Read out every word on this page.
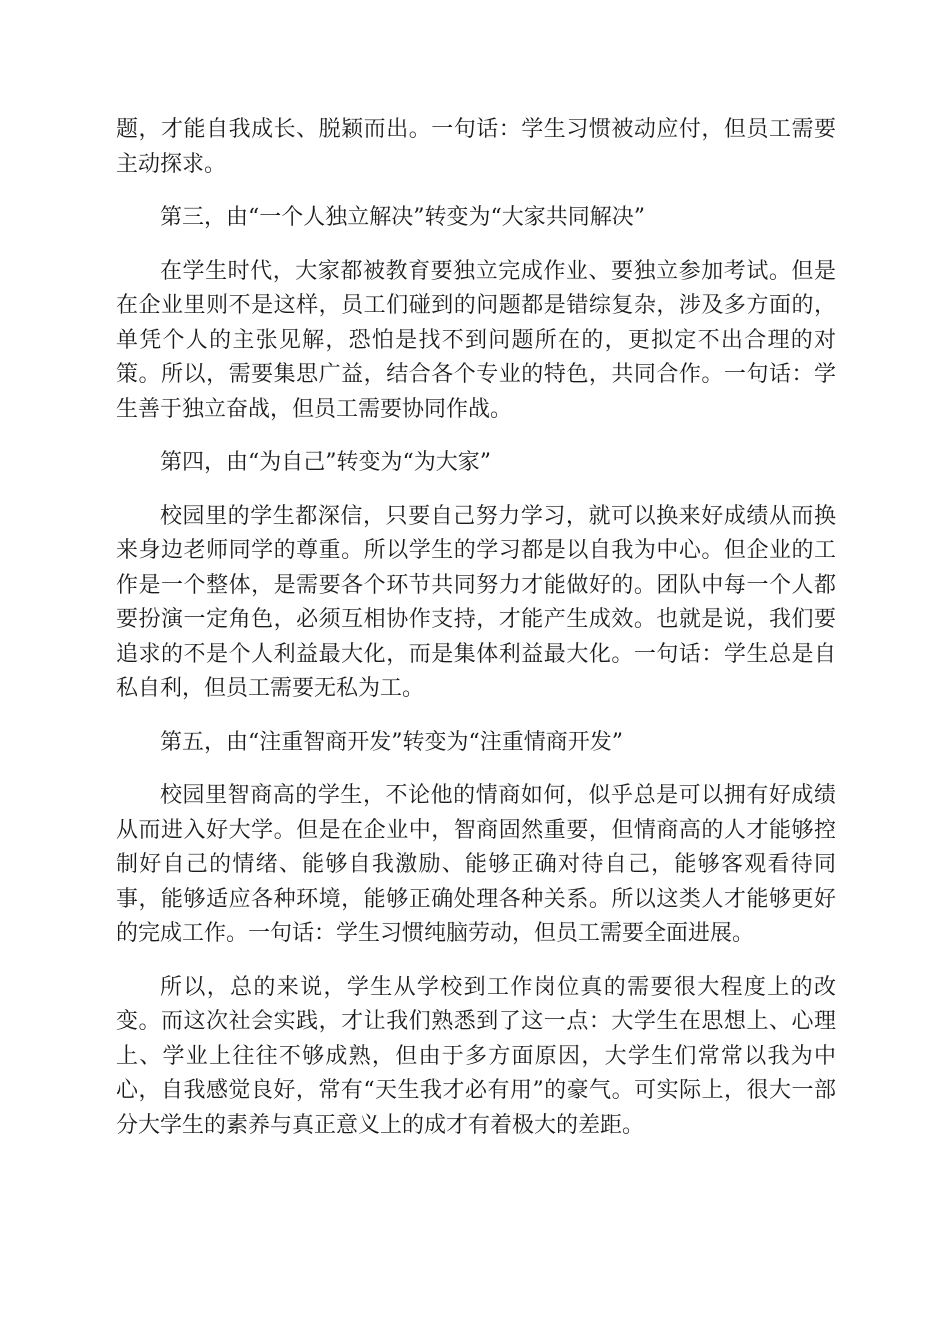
题，才能自我成长、脱颖而出。一句话：学生习惯被动应付，但员工需要主动探求。

第三，由“一个人独立解决”转变为“大家共同解决”

在学生时代，大家都被教育要独立完成作业、要独立参加考试。但是在企业里则不是这样，员工们碰到的问题都是错综复杂，涉及多方面的，单凭个人的主张见解，恐怕是找不到问题所在的，更拟定不出合理的对策。所以，需要集思广益，结合各个专业的特色，共同合作。一句话：学生善于独立奋战，但员工需要协同作战。

第四，由“为自己”转变为“为大家”

校园里的学生都深信，只要自己努力学习，就可以换来好成绩从而换来身边老师同学的尊重。所以学生的学习都是以自我为中心。但企业的工作是一个整体，是需要各个环节共同努力才能做好的。团队中每一个人都要扮演一定角色，必须互相协作支持，才能产生成效。也就是说，我们要追求的不是个人利益最大化，而是集体利益最大化。一句话：学生总是自私自利，但员工需要无私为工。

第五，由“注重智商开发”转变为“注重情商开发”

校园里智商高的学生，不论他的情商如何，似乎总是可以拥有好成绩从而进入好大学。但是在企业中，智商固然重要，但情商高的人才能够控制好自己的情绪、能够自我激励、能够正确对待自己，能够客观看待同事，能够适应各种环境，能够正确处理各种关系。所以这类人才能够更好的完成工作。一句话：学生习惯纯脑劳动，但员工需要全面进展。

所以，总的来说，学生从学校到工作岗位真的需要很大程度上的改变。而这次社会实践，才让我们熟悉到了这一点：大学生在思想上、心理上、学业上往往不够成熟，但由于多方面原因，大学生们常常以我为中心，自我感觉良好，常有“天生我才必有用”的豪气。可实际上，很大一部分大学生的素养与真正意义上的成才有着极大的差距。
